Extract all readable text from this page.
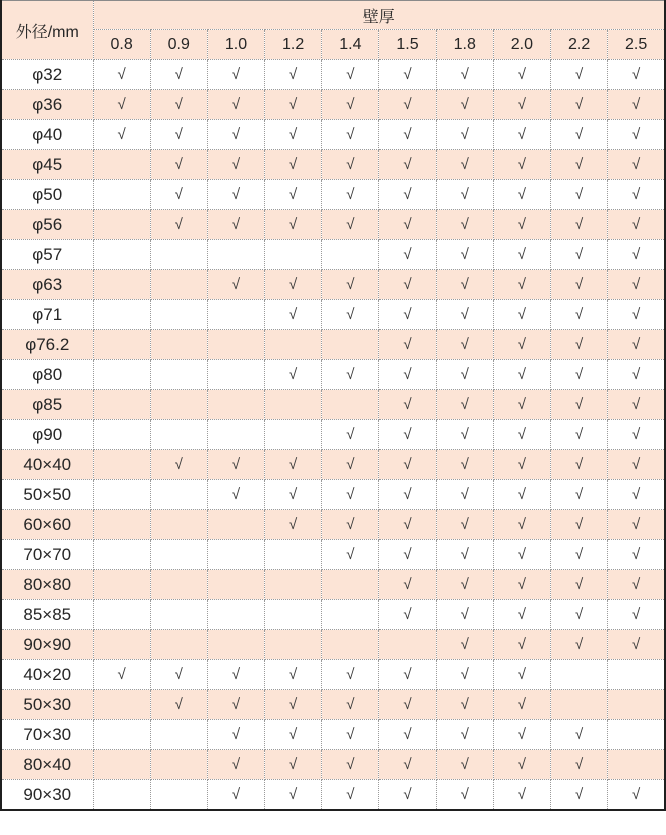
外径/mm	壁厚									
	0.8	0.9	1.0	1.2	1.4	1.5	1.8	2.0	2.2	2.5
φ32	√	√	√	√	√	√	√	√	√	√
φ36	√	√	√	√	√	√	√	√	√	√
φ40	√	√	√	√	√	√	√	√	√	√
φ45		√	√	√	√	√	√	√	√	√
φ50		√	√	√	√	√	√	√	√	√
φ56		√	√	√	√	√	√	√	√	√
φ57						√	√	√	√	√
φ63			√	√	√	√	√	√	√	√
φ71				√	√	√	√	√	√	√
φ76.2						√	√	√	√	√
φ80				√	√	√	√	√	√	√
φ85						√	√	√	√	√
φ90					√	√	√	√	√	√
40×40		√	√	√	√	√	√	√	√	√
50×50			√	√	√	√	√	√	√	√
60×60				√	√	√	√	√	√	√
70×70					√	√	√	√	√	√
80×80						√	√	√	√	√
85×85						√	√	√	√	√
90×90							√	√	√	√
40×20	√	√	√	√	√	√	√	√		
50×30		√	√	√	√	√	√	√		
70×30			√	√	√	√	√	√	√	
80×40			√	√	√	√	√	√	√	
90×30			√	√	√	√	√	√	√	√
